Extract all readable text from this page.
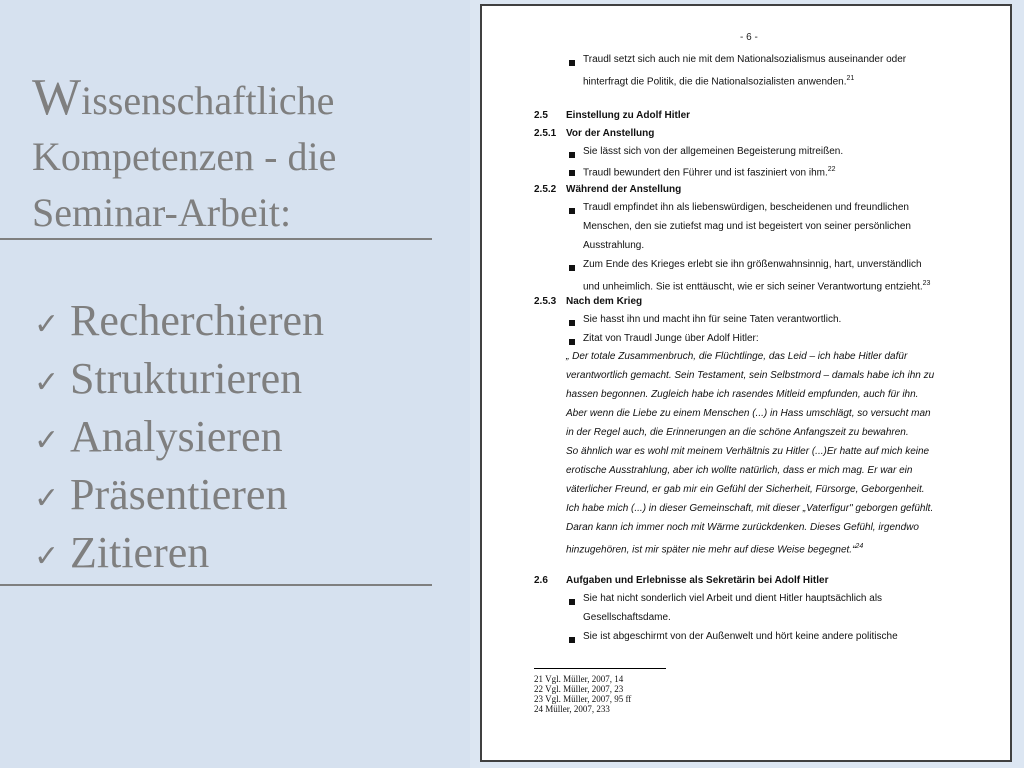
Wissenschaftliche
Kompetenzen - die
Seminar-Arbeit:
✓ Recherchieren
✓ Strukturieren
✓ Analysieren
✓ Präsentieren
✓ Zitieren
- 6 -
Traudl setzt sich auch nie mit dem Nationalsozialismus auseinander oder
hinterfragt die Politik, die die Nationalsozialisten anwenden.$^{21}$
2.5 Einstellung zu Adolf Hitler
2.5.1 Vor der Anstellung
Sie lässt sich von der allgemeinen Begeisterung mitreißen.
Traudl bewundert den Führer und ist fasziniert von ihm.$^{22}$
2.5.2 Während der Anstellung
Traudl empfindet ihn als liebenswürdigen, bescheidenen und freundlichen
Menschen, den sie zutiefst mag und ist begeistert von seiner persönlichen
Ausstrahlung.
Zum Ende des Krieges erlebt sie ihn größenwahnsinnig, hart, unverständlich
und unheimlich. Sie ist enttäuscht, wie er sich seiner Verantwortung entzieht.$^{23}$
2.5.3 Nach dem Krieg
Sie hasst ihn und macht ihn für seine Taten verantwortlich.
Zitat von Traudl Junge über Adolf Hitler:
„ Der totale Zusammenbruch, die Flüchtlinge, das Leid – ich habe Hitler dafür
verantwortlich gemacht. Sein Testament, sein Selbstmord – damals habe ich ihn zu
hassen begonnen. Zugleich habe ich rasendes Mitleid empfunden, auch für ihn.
Aber wenn die Liebe zu einem Menschen (...) in Hass umschlägt, so versucht man
in der Regel auch, die Erinnerungen an die schöne Anfangszeit zu bewahren.
So ähnlich war es wohl mit meinem Verhältnis zu Hitler (...)Er hatte auf mich keine
erotische Ausstrahlung, aber ich wollte natürlich, dass er mich mag. Er war ein
väterlicher Freund, er gab mir ein Gefühl der Sicherheit, Fürsorge, Geborgenheit.
Ich habe mich (...) in dieser Gemeinschaft, mit dieser „Vaterfigur" geborgen gefühlt.
Daran kann ich immer noch mit Wärme zurückdenken. Dieses Gefühl, irgendwo
hinzugehören, ist mir später nie mehr auf diese Weise begegnet.“$^{24}$
2.6 Aufgaben und Erlebnisse als Sekretärin bei Adolf Hitler
Sie hat nicht sonderlich viel Arbeit und dient Hitler hauptsächlich als
Gesellschaftsdame.
Sie ist abgeschirmt von der Außenwelt und hört keine andere politische
21 Vgl. Müller, 2007, 14
22 Vgl. Müller, 2007, 23
23 Vgl. Müller, 2007, 95 ff
24 Müller, 2007, 233
